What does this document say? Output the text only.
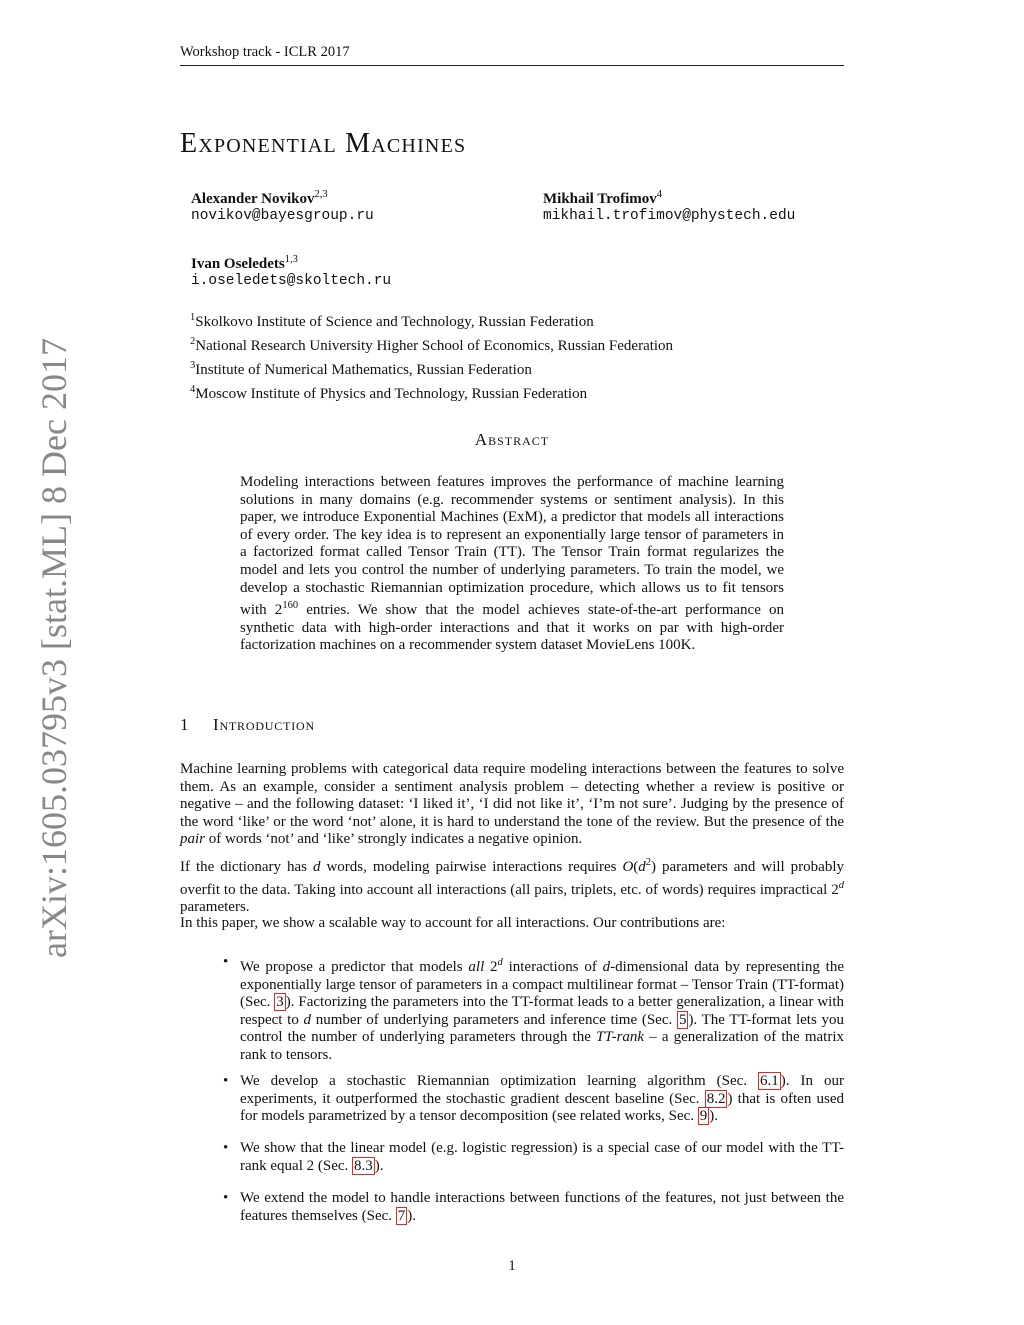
Workshop track - ICLR 2017
Exponential Machines
Alexander Novikov$^{2,3}$
novikov@bayesgroup.ru
Mikhail Trofimov$^4$
mikhail.trofimov@phystech.edu
Ivan Oseledets$^{1,3}$
i.oseledets@skoltech.ru
$^1$Skolkovo Institute of Science and Technology, Russian Federation
$^2$National Research University Higher School of Economics, Russian Federation
$^3$Institute of Numerical Mathematics, Russian Federation
$^4$Moscow Institute of Physics and Technology, Russian Federation
Abstract
Modeling interactions between features improves the performance of machine learning solutions in many domains (e.g. recommender systems or sentiment analysis). In this paper, we introduce Exponential Machines (ExM), a predictor that models all interactions of every order. The key idea is to represent an exponentially large tensor of parameters in a factorized format called Tensor Train (TT). The Tensor Train format regularizes the model and lets you control the number of underlying parameters. To train the model, we develop a stochastic Riemannian optimization procedure, which allows us to fit tensors with $2^{160}$ entries. We show that the model achieves state-of-the-art performance on synthetic data with high-order interactions and that it works on par with high-order factorization machines on a recommender system dataset MovieLens 100K.
1 Introduction
Machine learning problems with categorical data require modeling interactions between the features to solve them. As an example, consider a sentiment analysis problem – detecting whether a review is positive or negative – and the following dataset: ‘I liked it’, ‘I did not like it’, ‘I’m not sure’. Judging by the presence of the word ‘like’ or the word ‘not’ alone, it is hard to understand the tone of the review. But the presence of the pair of words ‘not’ and ‘like’ strongly indicates a negative opinion.
If the dictionary has d words, modeling pairwise interactions requires $O(d^2)$ parameters and will probably overfit to the data. Taking into account all interactions (all pairs, triplets, etc. of words) requires impractical 2$^d$ parameters.
In this paper, we show a scalable way to account for all interactions. Our contributions are:
• We propose a predictor that models all 2$^d$ interactions of d-dimensional data by representing the exponentially large tensor of parameters in a compact multilinear format – Tensor Train (TT-format) (Sec. 3 ). Factorizing the parameters into the TT-format leads to a better generalization, a linear with respect to d number of underlying parameters and inference time (Sec. 5 ). The TT-format lets you control the number of underlying parameters through the TT-rank – a generalization of the matrix rank to tensors.
• We develop a stochastic Riemannian optimization learning algorithm (Sec. 6.1 ). In our experiments, it outperformed the stochastic gradient descent baseline (Sec. 8.2 ) that is often used for models parametrized by a tensor decomposition (see related works, Sec. 9 ).
• We show that the linear model (e.g. logistic regression) is a special case of our model with the TT-rank equal 2 (Sec. 8.3 ).
• We extend the model to handle interactions between functions of the features, not just between the features themselves (Sec. 7 ).
1
arXiv:1605.03795v3 [stat.ML] 8 Dec 2017
